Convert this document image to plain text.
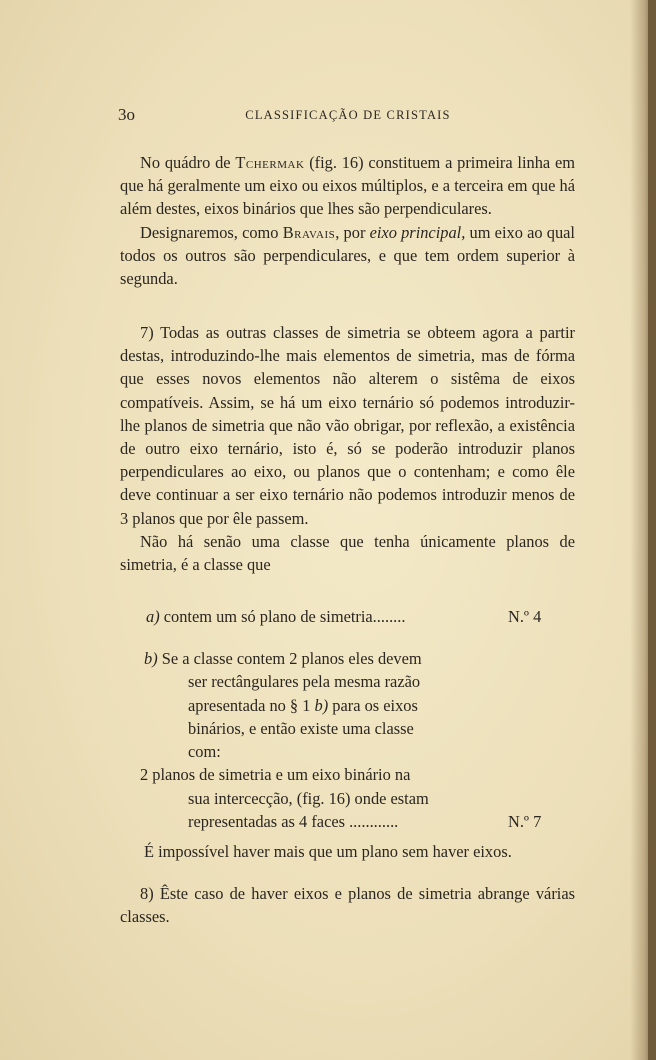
3o	CLASSIFICAÇÃO DE CRISTAIS

No quádro de Tchermak (fig. 16) constituem a primeira linha em que há geralmente um eixo ou eixos múltiplos, e a terceira em que há além destes, eixos binários que lhes são perpendiculares.

Designaremos, como Bravais, por eixo principal, um eixo ao qual todos os outros são perpendiculares, e que tem ordem superior à segunda.

7) Todas as outras classes de simetria se obteem agora a partir destas, introduzindo-lhe mais elementos de simetria, mas de fórma que esses novos elementos não alterem o sistêma de eixos compatíveis. Assim, se há um eixo ternário só podemos introduzir-lhe planos de simetria que não vão obrigar, por reflexão, a existência de outro eixo ternário, isto é, só se poderão introduzir planos perpendiculares ao eixo, ou planos que o contenham; e como êle deve continuar a ser eixo ternário não podemos introduzir menos de 3 planos que por êle passem.

Não há senão uma classe que tenha únicamente planos de simetria, é a classe que

a) contem um só plano de simetria........	N.º 4
b) Se a classe contem 2 planos eles devem
ser rectângulares pela mesma razão
apresentada no § 1 b) para os eixos
binários, e então existe uma classe
com:
2 planos de simetria e um eixo binário na
sua intercecção, (fig. 16) onde estam
representadas as 4 faces ............	N.º 7
É impossível haver mais que um plano sem haver eixos.

8) Êste caso de haver eixos e planos de simetria abrange várias classes.
